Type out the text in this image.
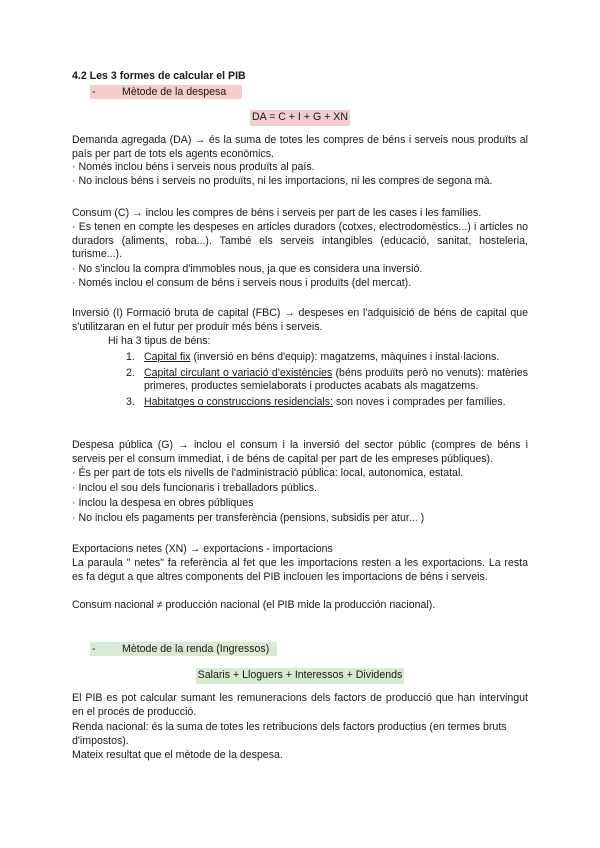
4.2 Les 3 formes de calcular el PIB
- Mètode de la despesa
DA = C + I + G + XN
Demanda agregada (DA) → és la suma de totes les compres de béns i serveis nous produïts al país per part de tots els agents econòmics.
· Només inclou béns i serveis nous produïts al país.
· No inclous béns i serveis no produïts, ni les importacions, ni les compres de segona mà.
Consum (C) → inclou les compres de béns i serveis per part de les cases i les famílies.
· Es tenen en compte les despeses en articles duradors (cotxes, electrodomèstics...) i articles no duradors (aliments, roba...). També els serveis intangibles (educació, sanitat, hosteleria, turisme...).
· No s'inclou la compra d'immobles nous, ja que es considera una inversió.
· Només inclou el consum de béns i serveis nous i produïts (del mercat).
Inversió (I) Formació bruta de capital (FBC) → despeses en l'adquisició de béns de capital que s'utilitzaran en el futur per produir més béns i serveis.
Hi ha 3 tipus de béns:
1. Capital fix (inversió en béns d'equip): magatzems, màquines i instal·lacions.
2. Capital circulant o variació d'existències (béns produïts però no venuts): matèries primeres, productes semielaborats i productes acabats als magatzems.
3. Habitatges o construccions residencials: son noves i comprades per famílies.
Despesa pública (G) → inclou el consum i la inversió del sector públic (compres de béns i serveis per el consum immediat, i de béns de capital per part de les empreses públiques).
· És per part de tots els nivells de l'administració pública: local, autonomica, estatal.
· Inclou el sou dels funcionaris i treballadors públics.
· Inclou la despesa en obres públiques
· No inclou els pagaments per transferència (pensions, subsidis per atur... )
Exportacions netes (XN) → exportacions - importacions
La paraula " netes" fa referència al fet que les importacions resten a les exportacions. La resta es fa degut a que altres components del PIB inclouen les importacions de béns i serveis.
Consum nacional ≠ producción nacional (el PIB mide la producción nacional).
- Mètode de la renda (Ingressos)
Salaris + Lloguers + Interessos + Dividends
El PIB es pot calcular sumant les remuneracions dels factors de producció que han intervingut en el procés de producció.
Renda nacional: és la suma de totes les retribucions dels factors productius (en termes bruts d'impostos).
Mateix resultat que el mètode de la despesa.
